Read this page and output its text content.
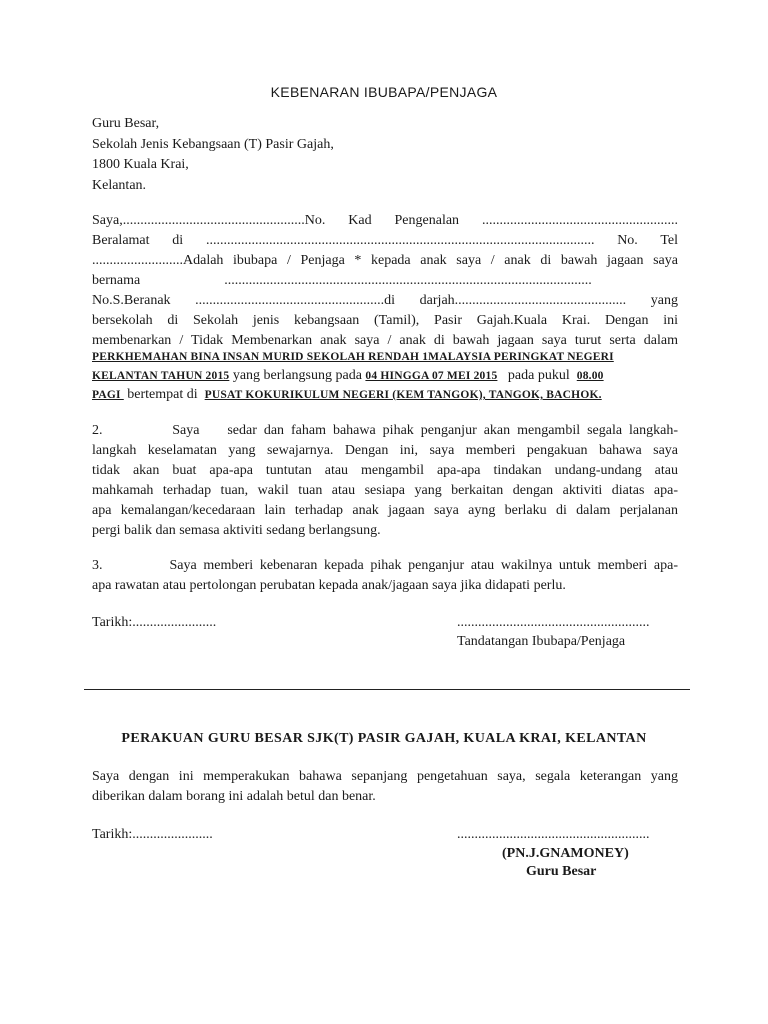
KEBENARAN IBUBAPA/PENJAGA
Guru Besar,
Sekolah Jenis Kebangsaan (T) Pasir Gajah,
1800 Kuala Krai,
Kelantan.
Saya,....................................................No. Kad Pengenalan ........................................................
Beralamat di ............................................................................................................... No. Tel
..........................Adalah ibubapa / Penjaga * kepada anak saya / anak di bawah jagaan saya
bernama	.........................................................................................................
No.S.Beranak ......................................................di darjah................................................. yang
bersekolah di Sekolah jenis kebangsaan (Tamil), Pasir Gajah.Kuala Krai. Dengan ini
membenarkan / Tidak Membenarkan anak saya / anak di bawah jagaan saya turut serta dalam
PERKHEMAHAN BINA INSAN MURID SEKOLAH RENDAH 1MALAYSIA PERINGKAT NEGERI
KELANTAN TAHUN 2015 yang berlangsung pada 04 HINGGA 07 MEI 2015   pada pukul  08.00
PAGI  bertempat di  PUSAT KOKURIKULUM NEGERI (KEM TANGOK), TANGOK, BACHOK.
2.          Saya    sedar dan faham bahawa pihak penganjur akan mengambil segala langkah-
langkah keselamatan yang sewajarnya. Dengan ini, saya memberi pengakuan bahawa saya
tidak akan buat apa-apa tuntutan atau mengambil apa-apa tindakan undang-undang atau
mahkamah terhadap tuan, wakil tuan atau sesiapa yang berkaitan dengan aktiviti diatas apa-
apa kemalangan/kecedaraan lain terhadap anak jagaan saya ayng berlaku di dalam perjalanan
pergi balik dan semasa aktiviti sedang berlangsung.
3.          Saya memberi kebenaran kepada pihak penganjur atau wakilnya untuk memberi apa-
apa rawatan atau pertolongan perubatan kepada anak/jagaan saya jika didapati perlu.
Tarikh:........................	.......................................................
Tandatangan Ibubapa/Penjaga
PERAKUAN GURU BESAR SJK(T) PASIR GAJAH, KUALA KRAI, KELANTAN
Saya dengan ini memperakukan bahawa sepanjang pengetahuan saya, segala keterangan yang
diberikan dalam borang ini adalah betul dan benar.
Tarikh:.......................	.......................................................
(PN.J.GNAMONEY)
Guru Besar
